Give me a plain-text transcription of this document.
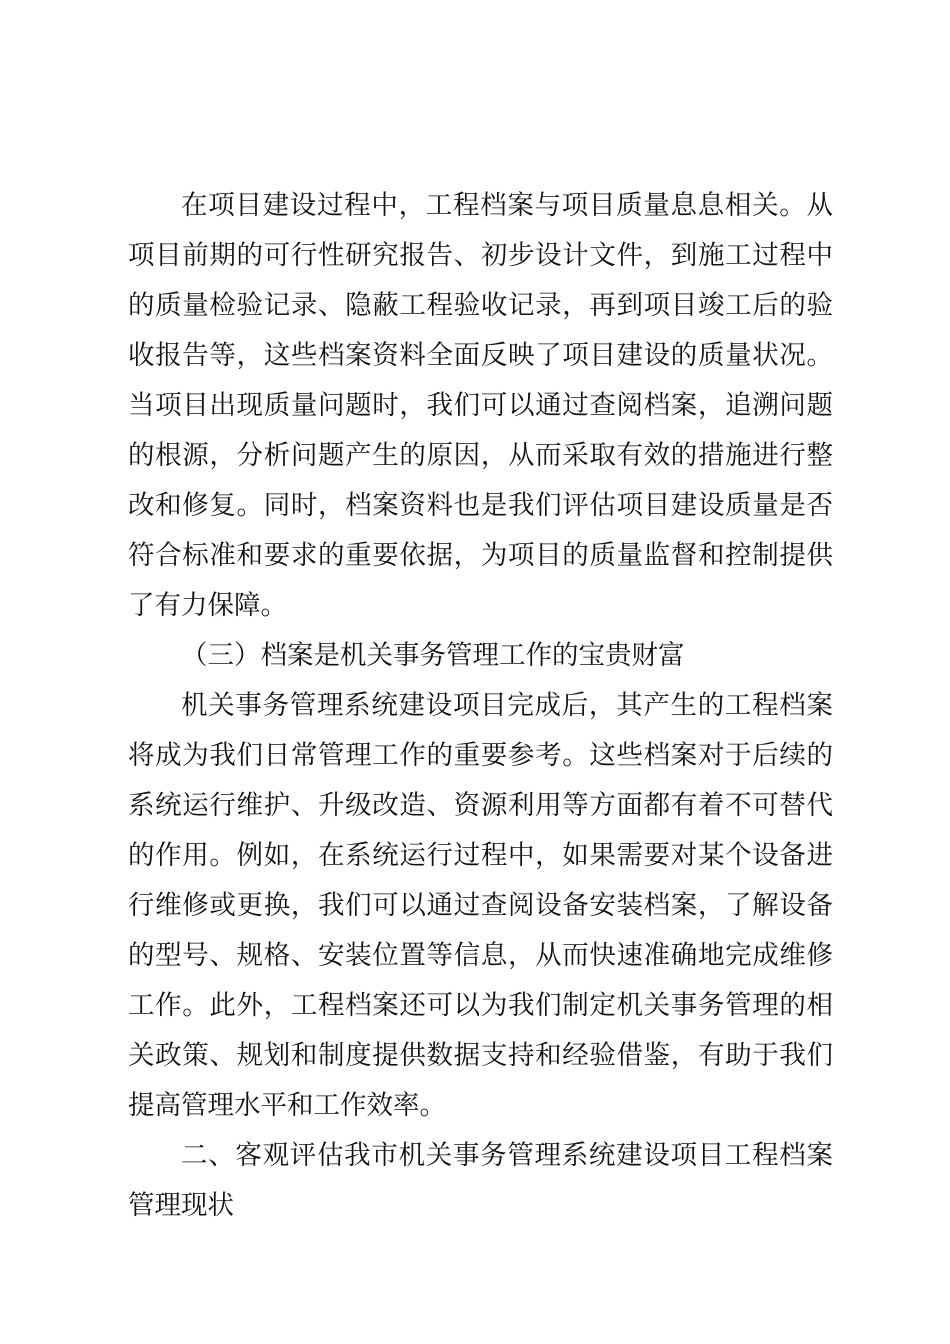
在项目建设过程中，工程档案与项目质量息息相关。从项目前期的可行性研究报告、初步设计文件，到施工过程中的质量检验记录、隐蔽工程验收记录，再到项目竣工后的验收报告等，这些档案资料全面反映了项目建设的质量状况。当项目出现质量问题时，我们可以通过查阅档案，追溯问题的根源，分析问题产生的原因，从而采取有效的措施进行整改和修复。同时，档案资料也是我们评估项目建设质量是否符合标准和要求的重要依据，为项目的质量监督和控制提供了有力保障。

（三）档案是机关事务管理工作的宝贵财富

机关事务管理系统建设项目完成后，其产生的工程档案将成为我们日常管理工作的重要参考。这些档案对于后续的系统运行维护、升级改造、资源利用等方面都有着不可替代的作用。例如，在系统运行过程中，如果需要对某个设备进行维修或更换，我们可以通过查阅设备安装档案，了解设备的型号、规格、安装位置等信息，从而快速准确地完成维修工作。此外，工程档案还可以为我们制定机关事务管理的相关政策、规划和制度提供数据支持和经验借鉴，有助于我们提高管理水平和工作效率。

二、客观评估我市机关事务管理系统建设项目工程档案管理现状
